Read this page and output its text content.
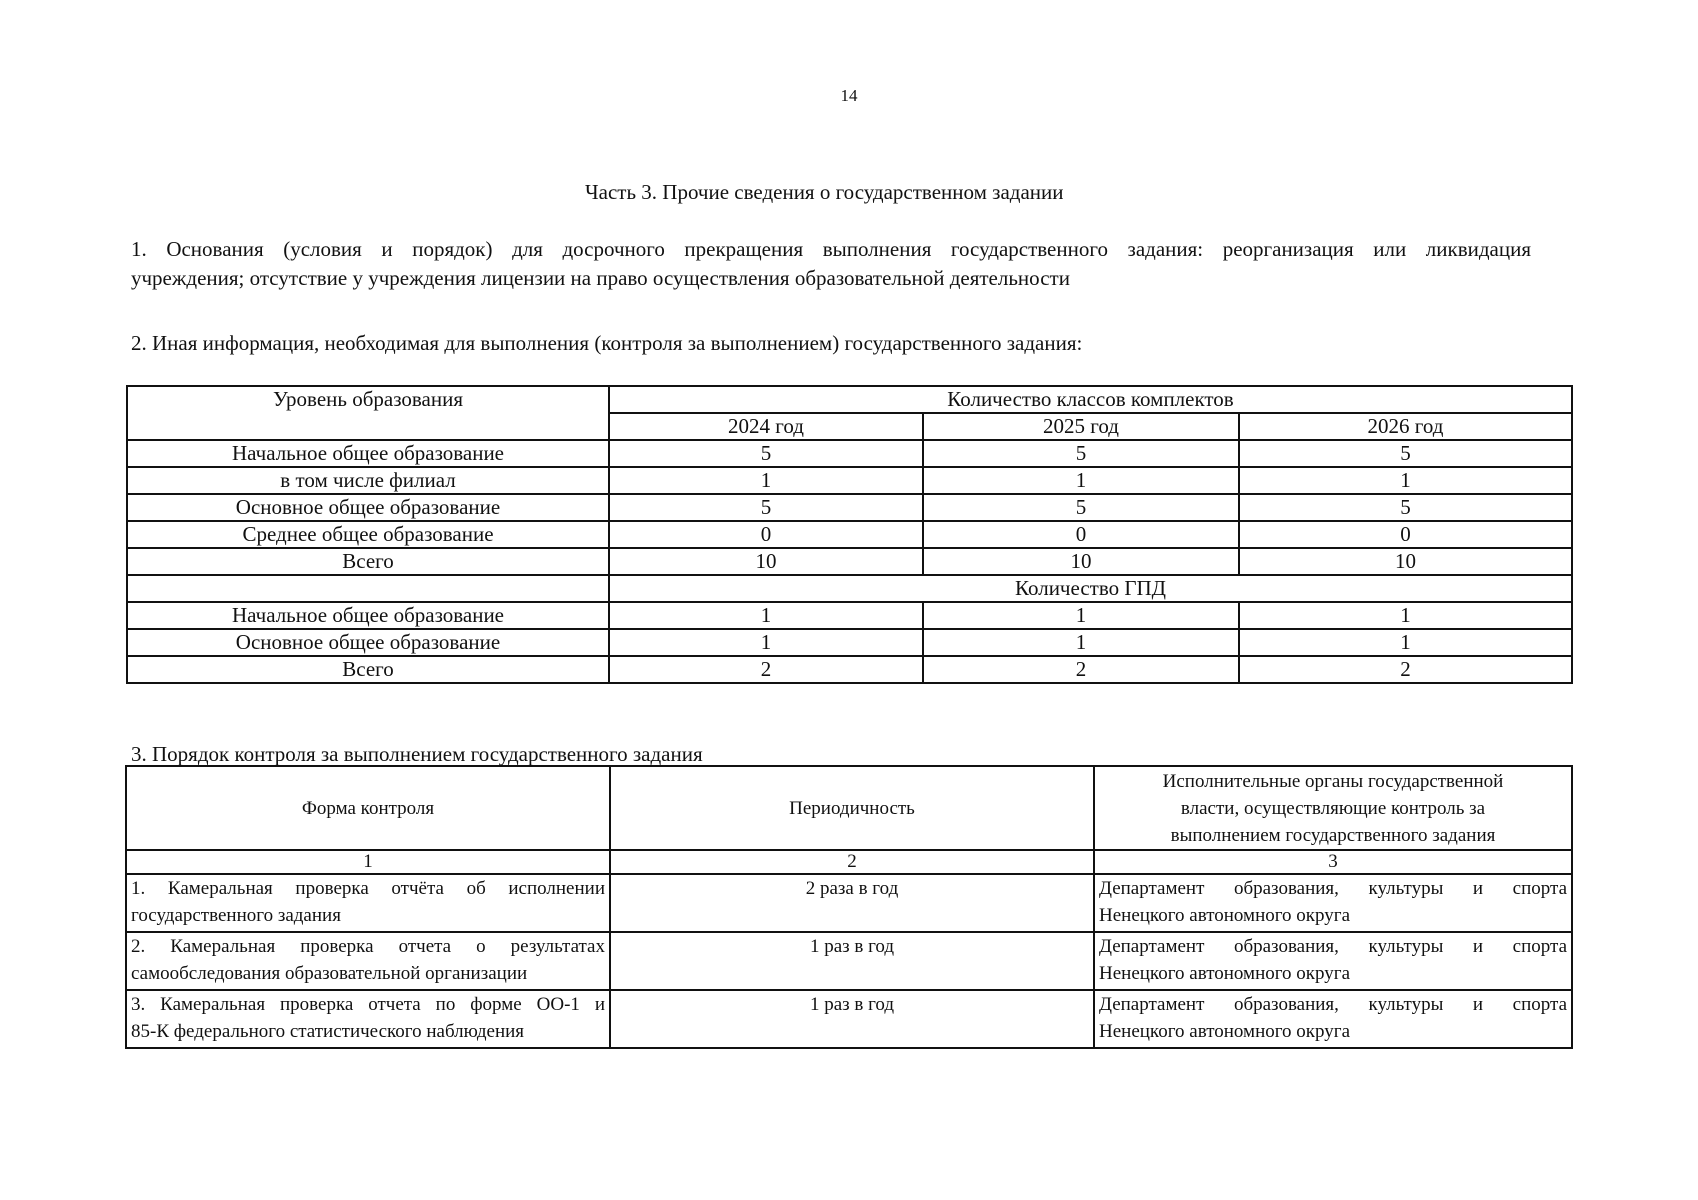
14
Часть 3. Прочие сведения о государственном задании
1. Основания (условия и порядок) для досрочного прекращения выполнения государственного задания: реорганизация или ликвидация
учреждения; отсутствие у учреждения лицензии на право осуществления образовательной деятельности
2. Иная информация, необходимая для выполнения (контроля за выполнением) государственного задания:
Уровень образования	Количество классов комплектов		
	2024 год	2025 год	2026 год
Начальное общее образование	5	5	5
в том числе филиал	1	1	1
Основное общее образование	5	5	5
Среднее общее образование	0	0	0
Всего	10	10	10
	Количество ГПД		
Начальное общее образование	1	1	1
Основное общее образование	1	1	1
Всего	2	2	2
3. Порядок контроля за выполнением государственного задания
Форма контроля	Периодичность	Исполнительные органы государственной
власти, осуществляющие контроль за
выполнением государственного задания

1	2	3

1. Камеральная проверка отчёта об исполнении
государственного задания	2 раза в год	Департамент образования, культуры и спорта
Ненецкого автономного округа

2. Камеральная проверка отчета о результатах
самообследования образовательной организации	1 раз в год	Департамент образования, культуры и спорта
Ненецкого автономного округа

3. Камеральная проверка отчета по форме ОО-1 и
85-К федерального статистического наблюдения	1 раз в год	Департамент образования, культуры и спорта
Ненецкого автономного округа
